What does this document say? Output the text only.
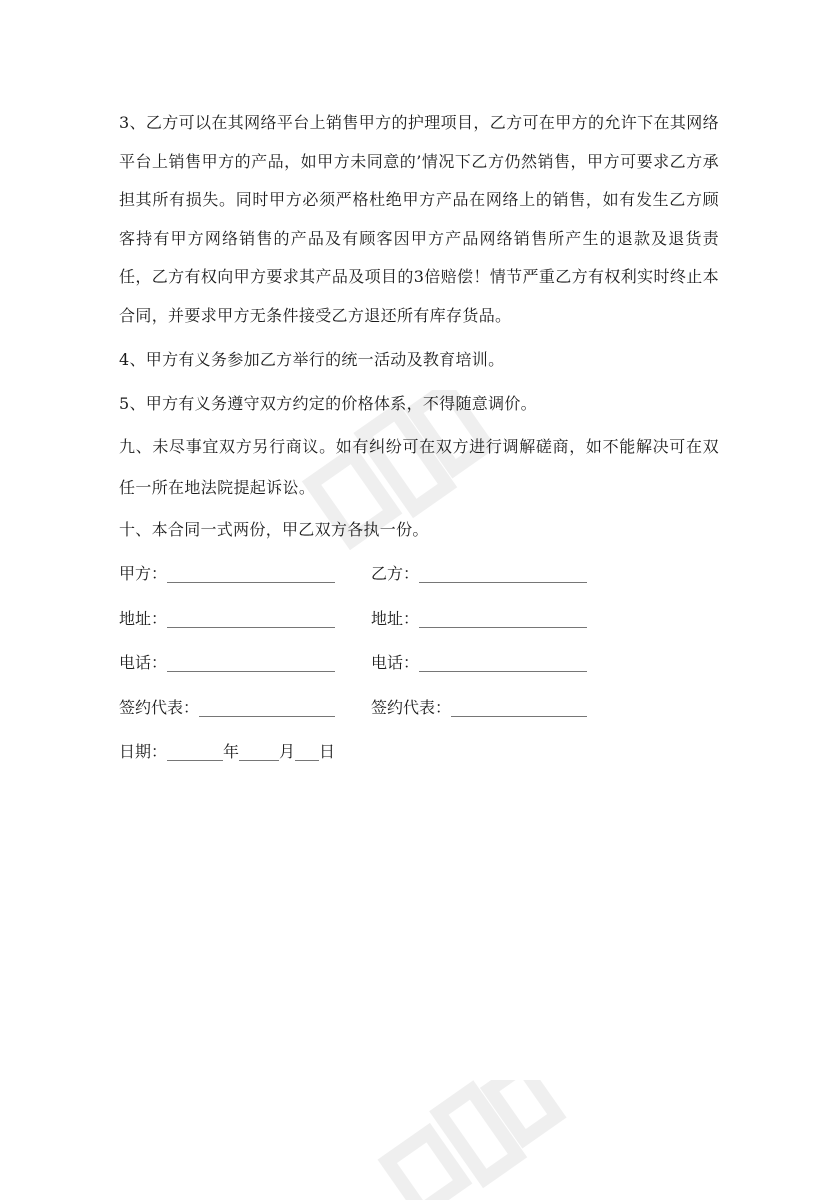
3、乙方可以在其网络平台上销售甲方的护理项目，乙方可在甲方的允许下在其网络平台上销售甲方的产品，如甲方未同意的’情况下乙方仍然销售，甲方可要求乙方承担其所有损失。同时甲方必须严格杜绝甲方产品在网络上的销售，如有发生乙方顾客持有甲方网络销售的产品及有顾客因甲方产品网络销售所产生的退款及退货责任，乙方有权向甲方要求其产品及项目的3倍赔偿！情节严重乙方有权利实时终止本合同，并要求甲方无条件接受乙方退还所有库存货品。

4、甲方有义务参加乙方举行的统一活动及教育培训。

5、甲方有义务遵守双方约定的价格体系，不得随意调价。

九、未尽事宜双方另行商议。如有纠纷可在双方进行调解磋商，如不能解决可在双任一所在地法院提起诉讼。

十、本合同一式两份，甲乙双方各执一份。

甲方：_____________________	乙方：_____________________
地址：_____________________	地址：_____________________
电话：_____________________	电话：_____________________
签约代表：_________________	签约代表：_________________
日期：_______年_____月___日
